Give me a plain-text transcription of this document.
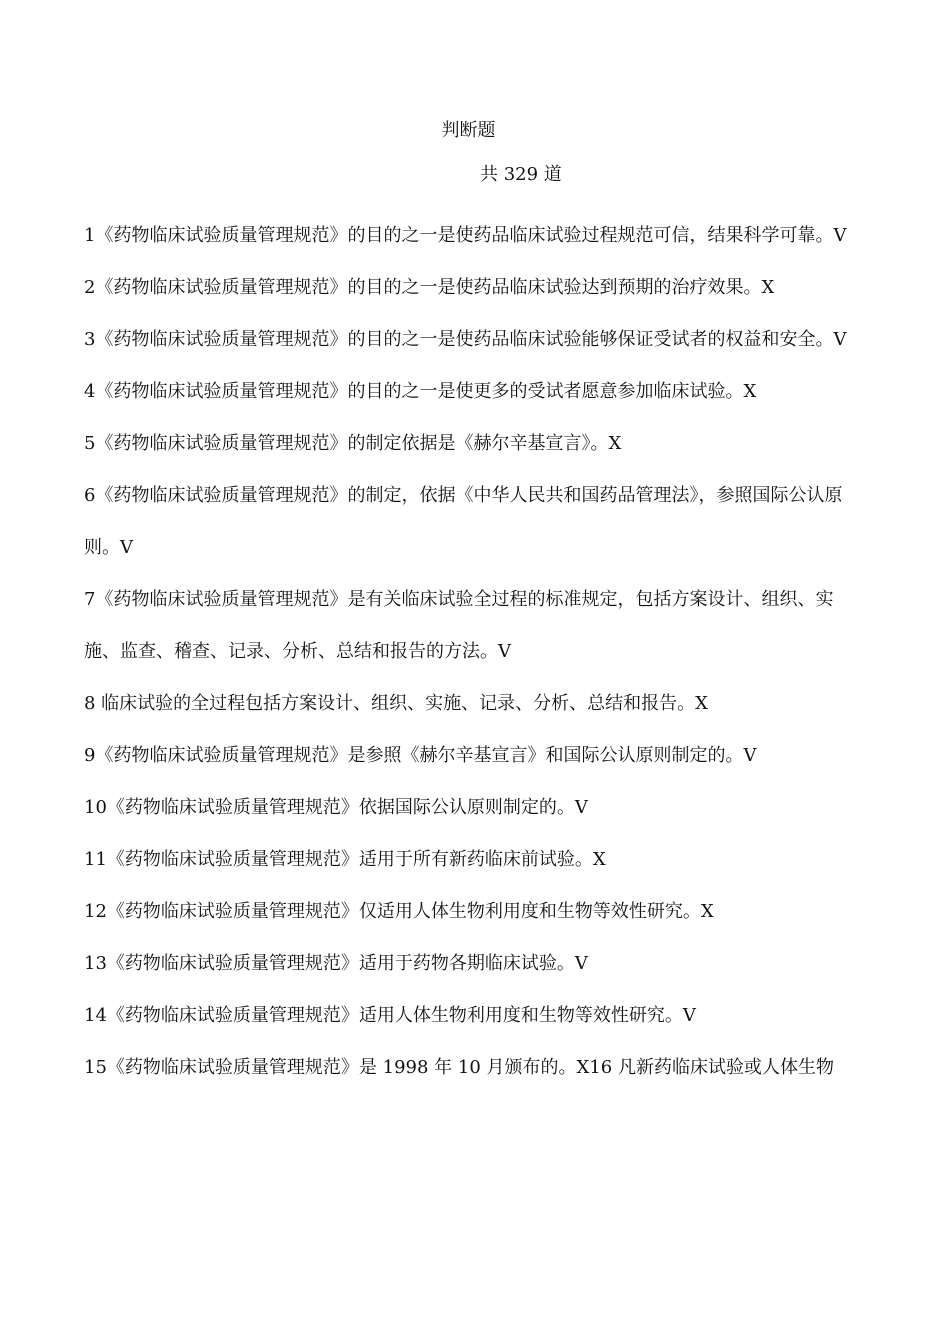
判断题
共 329 道

1《药物临床试验质量管理规范》的目的之一是使药品临床试验过程规范可信，结果科学可靠。V

2《药物临床试验质量管理规范》的目的之一是使药品临床试验达到预期的治疗效果。X

3《药物临床试验质量管理规范》的目的之一是使药品临床试验能够保证受试者的权益和安全。V

4《药物临床试验质量管理规范》的目的之一是使更多的受试者愿意参加临床试验。X

5《药物临床试验质量管理规范》的制定依据是《赫尔辛基宣言》。X

6《药物临床试验质量管理规范》的制定，依据《中华人民共和国药品管理法》，参照国际公认原则。V

7《药物临床试验质量管理规范》是有关临床试验全过程的标准规定，包括方案设计、组织、实施、监查、稽查、记录、分析、总结和报告的方法。V

8 临床试验的全过程包括方案设计、组织、实施、记录、分析、总结和报告。X

9《药物临床试验质量管理规范》是参照《赫尔辛基宣言》和国际公认原则制定的。V

10《药物临床试验质量管理规范》依据国际公认原则制定的。V

11《药物临床试验质量管理规范》适用于所有新药临床前试验。X

12《药物临床试验质量管理规范》仅适用人体生物利用度和生物等效性研究。X

13《药物临床试验质量管理规范》适用于药物各期临床试验。V

14《药物临床试验质量管理规范》适用人体生物利用度和生物等效性研究。V

15《药物临床试验质量管理规范》是 1998 年 10 月颁布的。X16 凡新药临床试验或人体生物
